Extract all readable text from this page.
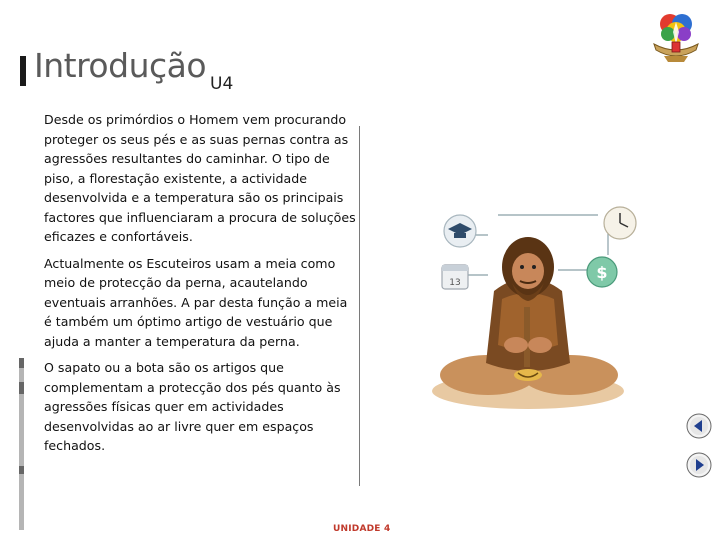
Introdução U4

Desde os primórdios o Homem vem procurando proteger os seus pés e as suas pernas contra as agressões resultantes do caminhar. O tipo de piso, a florestação existente, a actividade desenvolvida e a temperatura são os principais factores que influenciaram a procura de soluções eficazes e confortáveis.

Actualmente os Escuteiros usam a meia como meio de protecção da perna, acautelando eventuais arranhões. A par desta função a meia é também um óptimo artigo de vestuário que ajuda a manter a temperatura da perna.

O sapato ou a bota são os artigos que complementam a protecção dos pés quanto às agressões físicas quer em actividades desenvolvidas ao ar livre quer em espaços fechados.

$
13
UNIDADE 4
